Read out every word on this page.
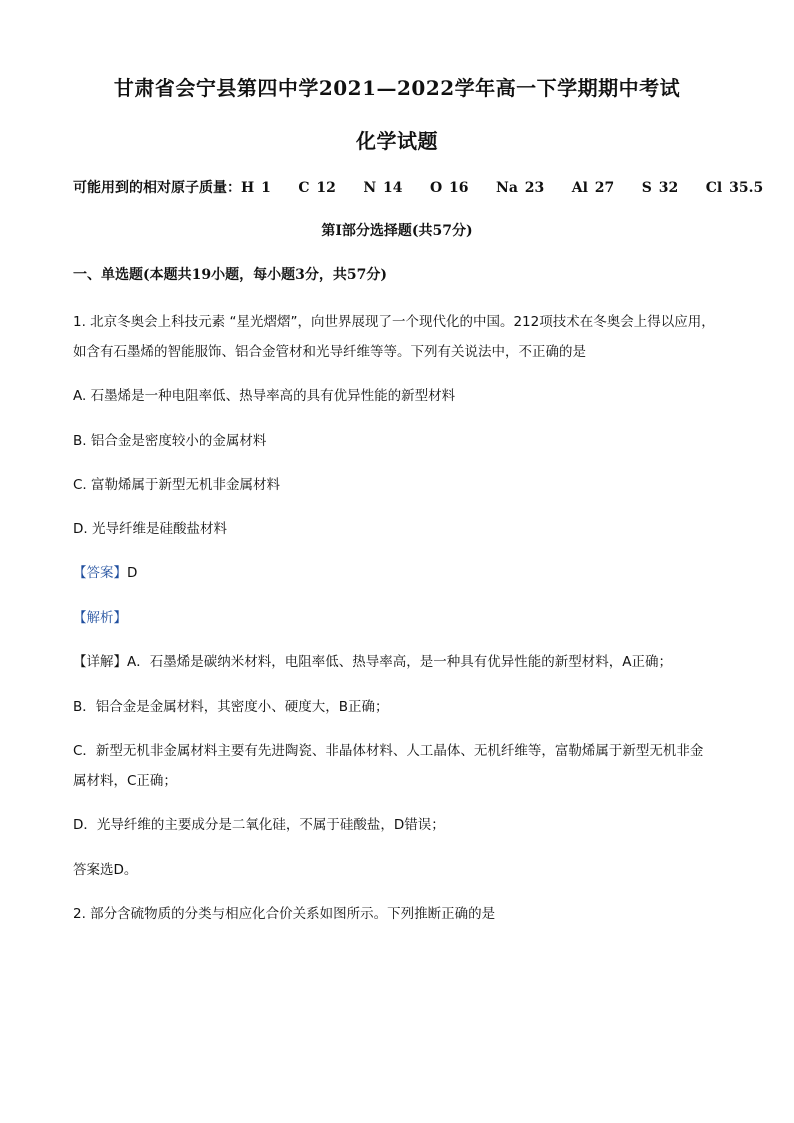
甘肃省会宁县第四中学2021—2022学年高一下学期期中考试
化学试题
可能用到的相对原子质量：H 1    C 12    N 14    O 16    Na 23    Al 27    S 32    Cl 35.5
第I部分选择题(共57分)
一、单选题(本题共19小题，每小题3分，共57分)
1. 北京冬奥会上科技元素 “星光熠熠”，向世界展现了一个现代化的中国。212项技术在冬奥会上得以应用，
如含有石墨烯的智能服饰、铝合金管材和光导纤维等等。下列有关说法中，不正确的是
A. 石墨烯是一种电阻率低、热导率高的具有优异性能的新型材料
B. 铝合金是密度较小的金属材料
C. 富勒烯属于新型无机非金属材料
D. 光导纤维是硅酸盐材料
【答案】D
【解析】
【详解】A．石墨烯是碳纳米材料，电阻率低、热导率高，是一种具有优异性能的新型材料，A正确；
B．铝合金是金属材料，其密度小、硬度大，B正确；
C．新型无机非金属材料主要有先进陶瓷、非晶体材料、人工晶体、无机纤维等，富勒烯属于新型无机非金
属材料，C正确；
D．光导纤维的主要成分是二氧化硅，不属于硅酸盐，D错误；
答案选D。
2. 部分含硫物质的分类与相应化合价关系如图所示。下列推断正确的是
